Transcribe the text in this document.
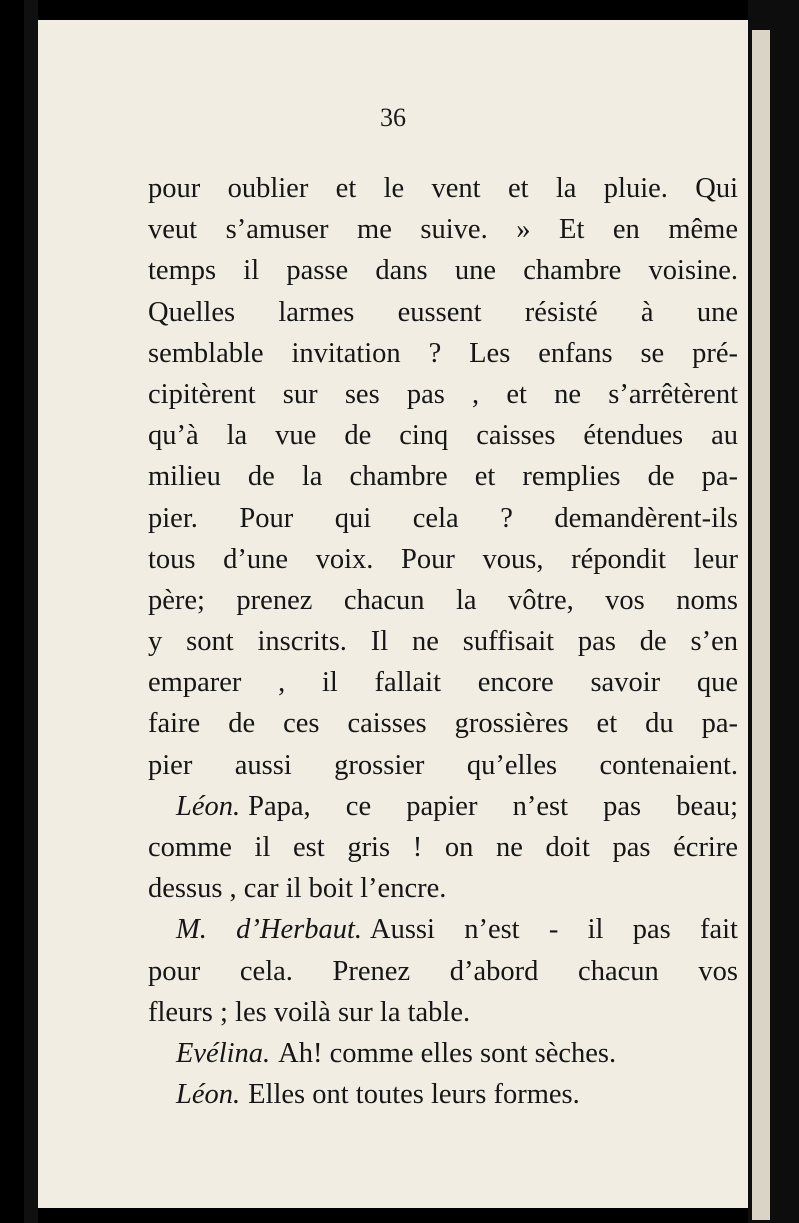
36
pour oublier et le vent et la pluie. Qui
veut s’amuser me suive. » Et en même
temps il passe dans une chambre voisine.
Quelles larmes eussent résisté à une
semblable invitation ? Les enfans se pré-
cipitèrent sur ses pas , et ne s’arrêtèrent
qu’à la vue de cinq caisses étendues au
milieu de la chambre et remplies de pa-
pier. Pour qui cela ? demandèrent-ils
tous d’une voix. Pour vous, répondit leur
père; prenez chacun la vôtre, vos noms
y sont inscrits. Il ne suffisait pas de s’en
emparer , il fallait encore savoir que
faire de ces caisses grossières et du pa-
pier aussi grossier qu’elles contenaient.
Léon. Papa, ce papier n’est pas beau;
comme il est gris ! on ne doit pas écrire
dessus , car il boit l’encre.
M. d’Herbaut. Aussi n’est - il pas fait
pour cela. Prenez d’abord chacun vos
fleurs ; les voilà sur la table.
Evélina. Ah! comme elles sont sèches.
Léon. Elles ont toutes leurs formes.
